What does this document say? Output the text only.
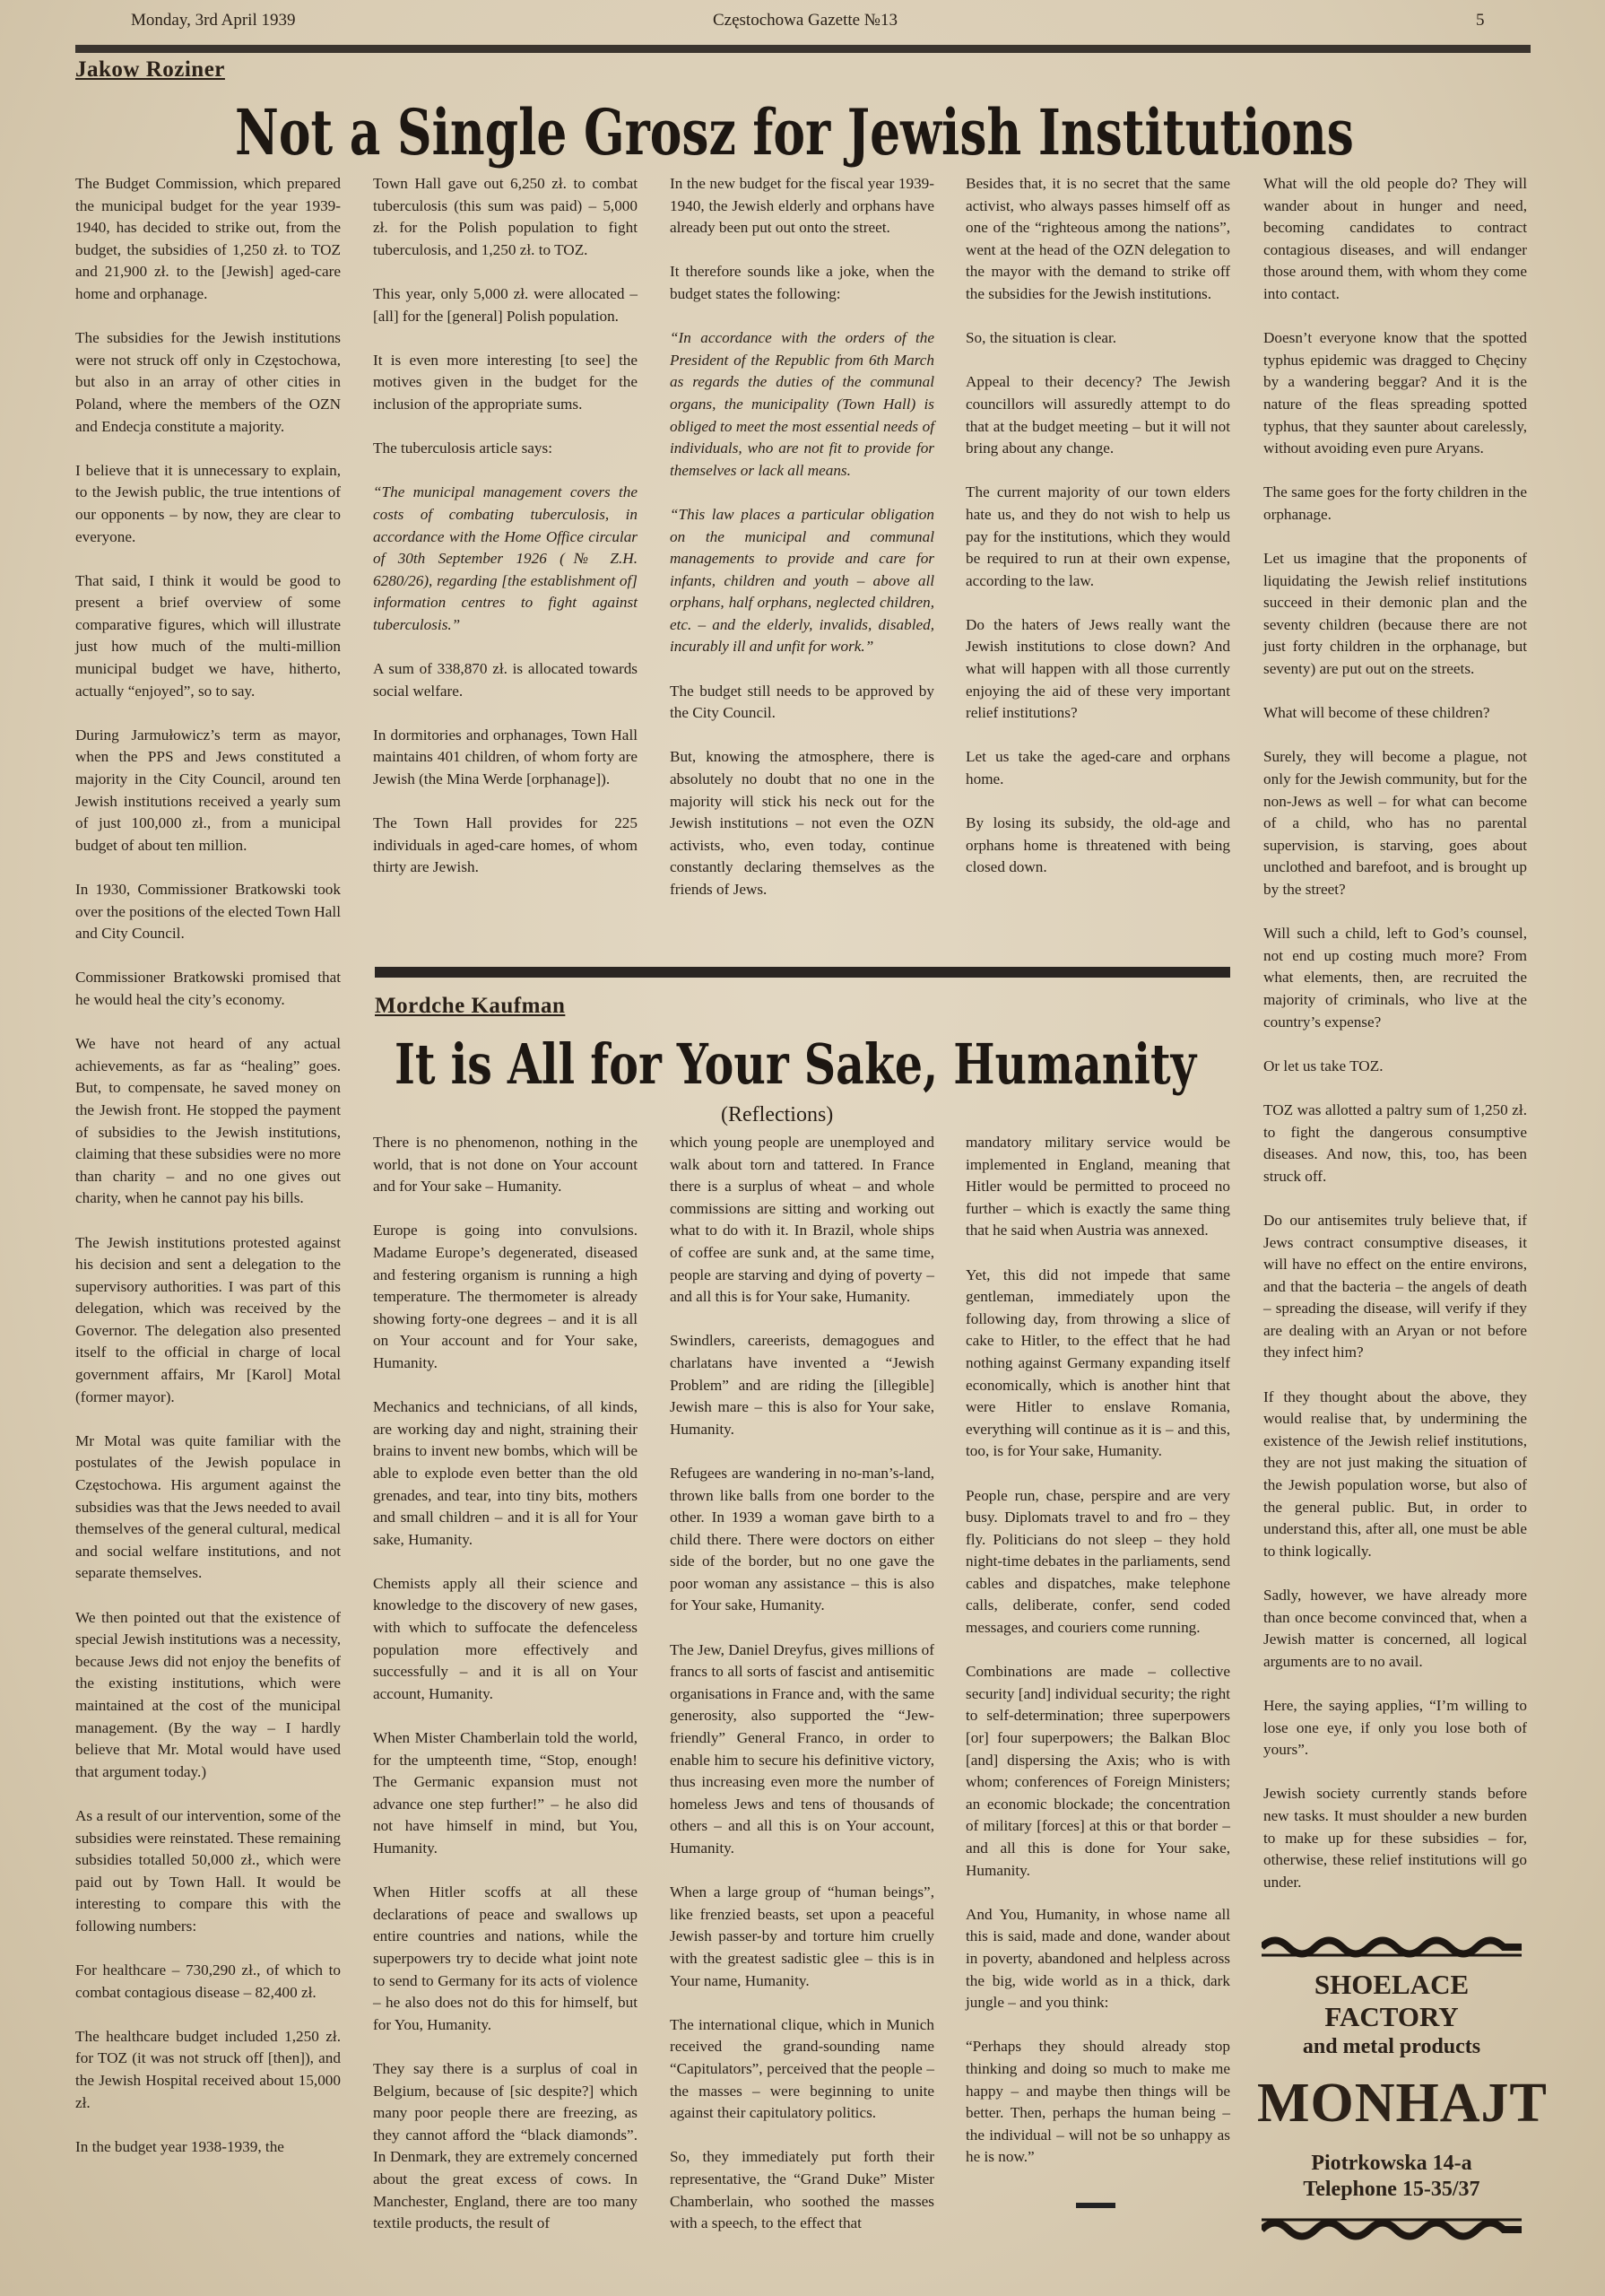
Monday, 3rd April 1939	Częstochowa Gazette №13	5
Jakow Roziner
Not a Single Grosz for Jewish Institutions

The Budget Commission, which prepared the municipal budget for the year 1939-1940, has decided to strike out, from the budget, the subsidies of 1,250 zł. to TOZ and 21,900 zł. to the [Jewish] aged-care home and orphanage.

The subsidies for the Jewish institutions were not struck off only in Częstochowa, but also in an array of other cities in Poland, where the members of the OZN and Endecja constitute a majority.

I believe that it is unnecessary to explain, to the Jewish public, the true intentions of our opponents – by now, they are clear to everyone.

That said, I think it would be good to present a brief overview of some comparative figures, which will illustrate just how much of the multi-million municipal budget we have, hitherto, actually “enjoyed”, so to say.

During Jarmułowicz’s term as mayor, when the PPS and Jews constituted a majority in the City Council, around ten Jewish institutions received a yearly sum of just 100,000 zł., from a municipal budget of about ten million.

In 1930, Commissioner Bratkowski took over the positions of the elected Town Hall and City Council.

Commissioner Bratkowski promised that he would heal the city’s economy.

We have not heard of any actual achievements, as far as “healing” goes. But, to compensate, he saved money on the Jewish front. He stopped the payment of subsidies to the Jewish institutions, claiming that these subsidies were no more than charity – and no one gives out charity, when he cannot pay his bills.

The Jewish institutions protested against his decision and sent a delegation to the supervisory authorities. I was part of this delegation, which was received by the Governor. The delegation also presented itself to the official in charge of local government affairs, Mr [Karol] Motal (former mayor).

Mr Motal was quite familiar with the postulates of the Jewish populace in Częstochowa. His argument against the subsidies was that the Jews needed to avail themselves of the general cultural, medical and social welfare institutions, and not separate themselves.

We then pointed out that the existence of special Jewish institutions was a necessity, because Jews did not enjoy the benefits of the existing institutions, which were maintained at the cost of the municipal management. (By the way – I hardly believe that Mr. Motal would have used that argument today.)

As a result of our intervention, some of the subsidies were reinstated. These remaining subsidies totalled 50,000 zł., which were paid out by Town Hall. It would be interesting to compare this with the following numbers:

For healthcare – 730,290 zł., of which to combat contagious disease – 82,400 zł.

The healthcare budget included 1,250 zł. for TOZ (it was not struck off [then]), and the Jewish Hospital received about 15,000 zł.

In the budget year 1938-1939, the

Town Hall gave out 6,250 zł. to combat tuberculosis (this sum was paid) – 5,000 zł. for the Polish population to fight tuberculosis, and 1,250 zł. to TOZ.

This year, only 5,000 zł. were allocated – [all] for the [general] Polish population.

It is even more interesting [to see] the motives given in the budget for the inclusion of the appropriate sums.

The tuberculosis article says:

“The municipal management covers the costs of combating tuberculosis, in accordance with the Home Office circular of 30th September 1926 (№ Z.H. 6280/26), regarding [the establishment of] information centres to fight against tuberculosis.”

A sum of 338,870 zł. is allocated towards social welfare.

In dormitories and orphanages, Town Hall maintains 401 children, of whom forty are Jewish (the Mina Werde [orphanage]).

The Town Hall provides for 225 individuals in aged-care homes, of whom thirty are Jewish.

In the new budget for the fiscal year 1939-1940, the Jewish elderly and orphans have already been put out onto the street.

It therefore sounds like a joke, when the budget states the following:

“In accordance with the orders of the President of the Republic from 6th March as regards the duties of the communal organs, the municipality (Town Hall) is obliged to meet the most essential needs of individuals, who are not fit to provide for themselves or lack all means.

“This law places a particular obligation on the municipal and communal managements to provide and care for infants, children and youth – above all orphans, half orphans, neglected children, etc. – and the elderly, invalids, disabled, incurably ill and unfit for work.”

The budget still needs to be approved by the City Council.

But, knowing the atmosphere, there is absolutely no doubt that no one in the majority will stick his neck out for the Jewish institutions – not even the OZN activists, who, even today, continue constantly declaring themselves as the friends of Jews.

Besides that, it is no secret that the same activist, who always passes himself off as one of the “righteous among the nations”, went at the head of the OZN delegation to the mayor with the demand to strike off the subsidies for the Jewish institutions.

So, the situation is clear.

Appeal to their decency? The Jewish councillors will assuredly attempt to do that at the budget meeting – but it will not bring about any change.

The current majority of our town elders hate us, and they do not wish to help us pay for the institutions, which they would be required to run at their own expense, according to the law.

Do the haters of Jews really want the Jewish institutions to close down? And what will happen with all those currently enjoying the aid of these very important relief institutions?

Let us take the aged-care and orphans home.

By losing its subsidy, the old-age and orphans home is threatened with being closed down.

What will the old people do? They will wander about in hunger and need, becoming candidates to contract contagious diseases, and will endanger those around them, with whom they come into contact.

Doesn’t everyone know that the spotted typhus epidemic was dragged to Chęciny by a wandering beggar? And it is the nature of the fleas spreading spotted typhus, that they saunter about carelessly, without avoiding even pure Aryans.

The same goes for the forty children in the orphanage.

Let us imagine that the proponents of liquidating the Jewish relief institutions succeed in their demonic plan and the seventy children (because there are not just forty children in the orphanage, but seventy) are put out on the streets.

What will become of these children?

Surely, they will become a plague, not only for the Jewish community, but for the non-Jews as well – for what can become of a child, who has no parental supervision, is starving, goes about unclothed and barefoot, and is brought up by the street?

Will such a child, left to God’s counsel, not end up costing much more? From what elements, then, are recruited the majority of criminals, who live at the country’s expense?

Or let us take TOZ.

TOZ was allotted a paltry sum of 1,250 zł. to fight the dangerous consumptive diseases. And now, this, too, has been struck off.

Do our antisemites truly believe that, if Jews contract consumptive diseases, it will have no effect on the entire environs, and that the bacteria – the angels of death – spreading the disease, will verify if they are dealing with an Aryan or not before they infect him?

If they thought about the above, they would realise that, by undermining the existence of the Jewish relief institutions, they are not just making the situation of the Jewish population worse, but also of the general public. But, in order to understand this, after all, one must be able to think logically.

Sadly, however, we have already more than once become convinced that, when a Jewish matter is concerned, all logical arguments are to no avail.

Here, the saying applies, “I’m willing to lose one eye, if only you lose both of yours”.

Jewish society currently stands before new tasks. It must shoulder a new burden to make up for these subsidies – for, otherwise, these relief institutions will go under.

Mordche Kaufman
It is All for Your Sake, Humanity
(Reflections)

There is no phenomenon, nothing in the world, that is not done on Your account and for Your sake – Humanity.

Europe is going into convulsions. Madame Europe’s degenerated, diseased and festering organism is running a high temperature. The thermometer is already showing forty-one degrees – and it is all on Your account and for Your sake, Humanity.

Mechanics and technicians, of all kinds, are working day and night, straining their brains to invent new bombs, which will be able to explode even better than the old grenades, and tear, into tiny bits, mothers and small children – and it is all for Your sake, Humanity.

Chemists apply all their science and knowledge to the discovery of new gases, with which to suffocate the defenceless population more effectively and successfully – and it is all on Your account, Humanity.

When Mister Chamberlain told the world, for the umpteenth time, “Stop, enough! The Germanic expansion must not advance one step further!” – he also did not have himself in mind, but You, Humanity.

When Hitler scoffs at all these declarations of peace and swallows up entire countries and nations, while the superpowers try to decide what joint note to send to Germany for its acts of violence – he also does not do this for himself, but for You, Humanity.

They say there is a surplus of coal in Belgium, because of [sic despite?] which many poor people there are freezing, as they cannot afford the “black diamonds”. In Denmark, they are extremely concerned about the great excess of cows. In Manchester, England, there are too many textile products, the result of

which young people are unemployed and walk about torn and tattered. In France there is a surplus of wheat – and whole commissions are sitting and working out what to do with it. In Brazil, whole ships of coffee are sunk and, at the same time, people are starving and dying of poverty – and all this is for Your sake, Humanity.

Swindlers, careerists, demagogues and charlatans have invented a “Jewish Problem” and are riding the [illegible] Jewish mare – this is also for Your sake, Humanity.

Refugees are wandering in no-man’s-land, thrown like balls from one border to the other. In 1939 a woman gave birth to a child there. There were doctors on either side of the border, but no one gave the poor woman any assistance – this is also for Your sake, Humanity.

The Jew, Daniel Dreyfus, gives millions of francs to all sorts of fascist and antisemitic organisations in France and, with the same generosity, also supported the “Jew-friendly” General Franco, in order to enable him to secure his definitive victory, thus increasing even more the number of homeless Jews and tens of thousands of others – and all this is on Your account, Humanity.

When a large group of “human beings”, like frenzied beasts, set upon a peaceful Jewish passer-by and torture him cruelly with the greatest sadistic glee – this is in Your name, Humanity.

The international clique, which in Munich received the grand-sounding name “Capitulators”, perceived that the people – the masses – were beginning to unite against their capitulatory politics.

So, they immediately put forth their representative, the “Grand Duke” Mister Chamberlain, who soothed the masses with a speech, to the effect that

mandatory military service would be implemented in England, meaning that Hitler would be permitted to proceed no further – which is exactly the same thing that he said when Austria was annexed.

Yet, this did not impede that same gentleman, immediately upon the following day, from throwing a slice of cake to Hitler, to the effect that he had nothing against Germany expanding itself economically, which is another hint that were Hitler to enslave Romania, everything will continue as it is – and this, too, is for Your sake, Humanity.

People run, chase, perspire and are very busy. Diplomats travel to and fro – they fly. Politicians do not sleep – they hold night-time debates in the parliaments, send cables and dispatches, make telephone calls, deliberate, confer, send coded messages, and couriers come running.

Combinations are made – collective security [and] individual security; the right to self-determination; three superpowers [or] four superpowers; the Balkan Bloc [and] dispersing the Axis; who is with whom; conferences of Foreign Ministers; an economic blockade; the concentration of military [forces] at this or that border – and all this is done for Your sake, Humanity.

And You, Humanity, in whose name all this is said, made and done, wander about in poverty, abandoned and helpless across the big, wide world as in a thick, dark jungle – and you think:

“Perhaps they should already stop thinking and doing so much to make me happy – and maybe then things will be better. Then, perhaps the human being – the individual – will not be so unhappy as he is now.”

SHOELACE FACTORY
and metal products
MONHAJT
Piotrkowska 14-a
Telephone 15-35/37
